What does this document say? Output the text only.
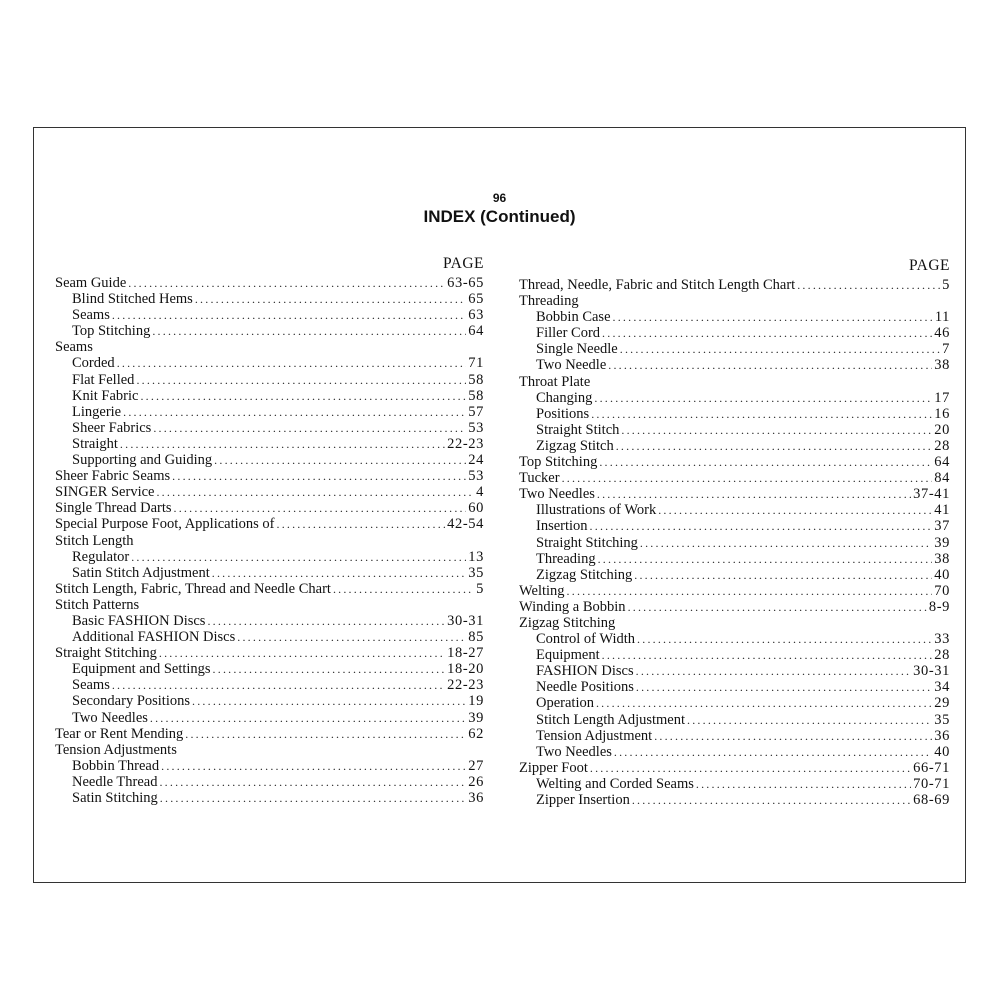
96
INDEX (Continued)
PAGE
Seam Guide .....	63-65
Blind Stitched Hems .....	65
Seams .....	63
Top Stitching .....	64
Seams
Corded .....	71
Flat Felled .....	58
Knit Fabric .....	58
Lingerie .....	57
Sheer Fabrics .....	53
Straight .....	22-23
Supporting and Guiding .....	24
Sheer Fabric Seams .....	53
SINGER Service .....	4
Single Thread Darts .....	60
Special Purpose Foot, Applications of .....	42-54
Stitch Length
Regulator .....	13
Satin Stitch Adjustment .....	35
Stitch Length, Fabric, Thread and Needle Chart .....	5
Stitch Patterns
Basic FASHION Discs .....	30-31
Additional FASHION Discs .....	85
Straight Stitching .....	18-27
Equipment and Settings .....	18-20
Seams .....	22-23
Secondary Positions .....	19
Two Needles .....	39
Tear or Rent Mending .....	62
Tension Adjustments
Bobbin Thread .....	27
Needle Thread .....	26
Satin Stitching .....	36
PAGE
Thread, Needle, Fabric and Stitch Length Chart .....	5
Threading
Bobbin Case .....	11
Filler Cord .....	46
Single Needle .....	7
Two Needle .....	38
Throat Plate
Changing .....	17
Positions .....	16
Straight Stitch .....	20
Zigzag Stitch .....	28
Top Stitching .....	64
Tucker .....	84
Two Needles .....	37-41
Illustrations of Work .....	41
Insertion .....	37
Straight Stitching .....	39
Threading .....	38
Zigzag Stitching .....	40
Welting .....	70
Winding a Bobbin .....	8-9
Zigzag Stitching
Control of Width .....	33
Equipment .....	28
FASHION Discs .....	30-31
Needle Positions .....	34
Operation .....	29
Stitch Length Adjustment .....	35
Tension Adjustment .....	36
Two Needles .....	40
Zipper Foot .....	66-71
Welting and Corded Seams .....	70-71
Zipper Insertion .....	68-69
